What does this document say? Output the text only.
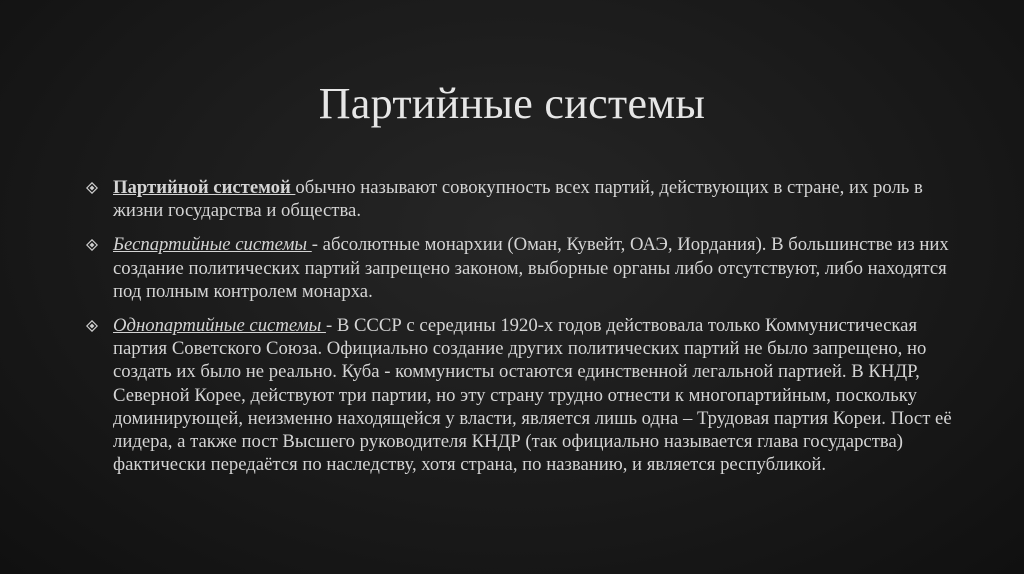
Партийные системы
Партийной системой обычно называют совокупность всех партий, действующих в стране, их роль в жизни государства и общества.
Беспартийные системы - абсолютные монархии (Оман, Кувейт, ОАЭ, Иордания). В большинстве из них создание политических партий запрещено законом, выборные органы либо отсутствуют, либо находятся под полным контролем монарха.
Однопартийные системы - В СССР с середины 1920-х годов действовала только Коммунистическая партия Советского Союза. Официально создание других политических партий не было запрещено, но создать их было не реально. Куба - коммунисты остаются единственной легальной партией. В КНДР, Северной Корее, действуют три партии, но эту страну трудно отнести к многопартийным, поскольку доминирующей, неизменно находящейся у власти, является лишь одна – Трудовая партия Кореи. Пост её лидера, а также пост Высшего руководителя КНДР (так официально называется глава государства) фактически передаётся по наследству, хотя страна, по названию, и является республикой.
